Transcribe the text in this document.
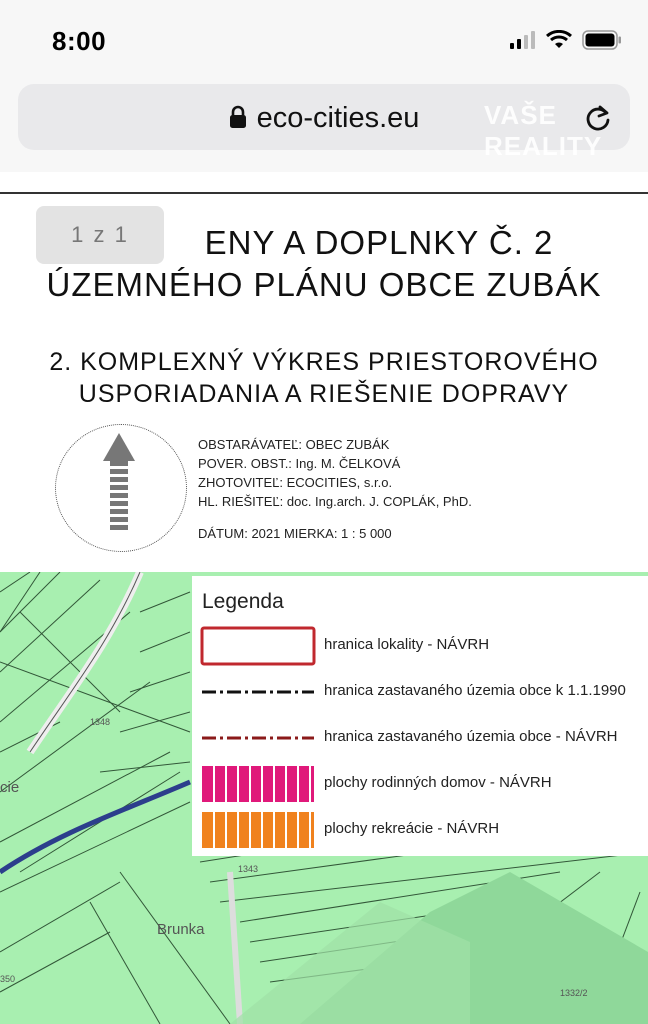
8:00
eco-cities.eu	VAŠE REALITY
Brunka
1348
1343
1332/2
350
cie
ENY A DOPLNKY Č. 2
ÚZEMNÉHO PLÁNU OBCE ZUBÁK
2. KOMPLEXNÝ VÝKRES PRIESTOROVÉHO
USPORIADANIA A RIEŠENIE DOPRAVY
OBSTARÁVATEĽ: OBEC ZUBÁK
POVER. OBST.: Ing. M. ČELKOVÁ
ZHOTOVITEĽ: ECOCITIES, s.r.o.
HL. RIEŠITEĽ: doc. Ing.arch. J. COPLÁK, PhD.
DÁTUM: 2021 MIERKA: 1 : 5 000
Legenda
hranica lokality - NÁVRH
hranica zastavaného územia obce k 1.1.1990
hranica zastavaného územia obce - NÁVRH
plochy rodinných domov - NÁVRH
plochy rekreácie - NÁVRH
1 z 1
